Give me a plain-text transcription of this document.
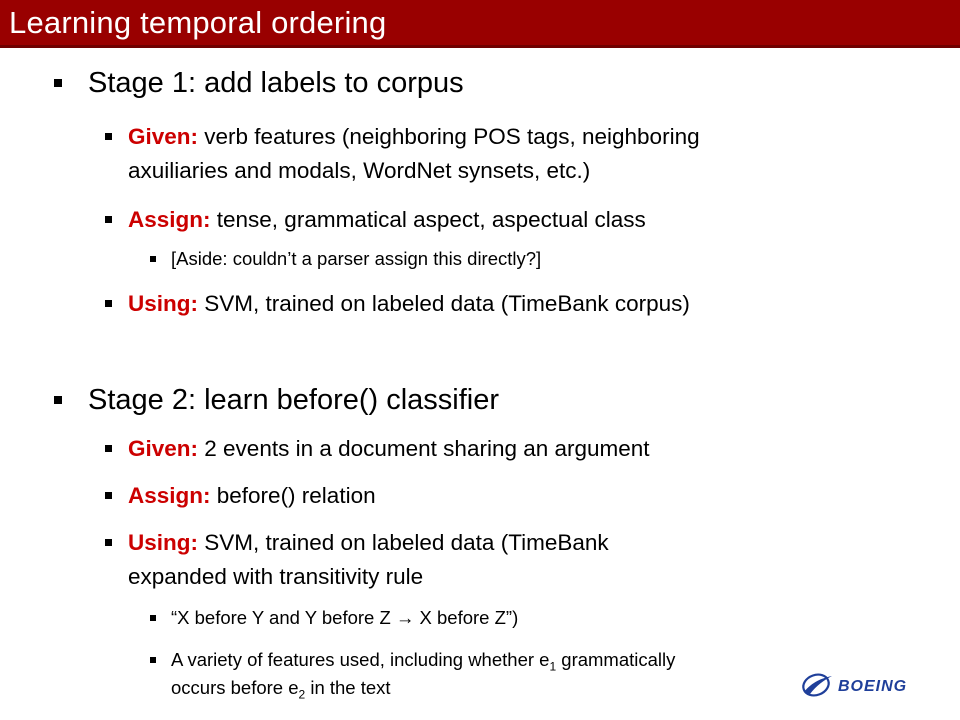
Learning temporal ordering
Stage 1: add labels to corpus
Given: verb features (neighboring POS tags, neighboring
axuiliaries and modals, WordNet synsets, etc.)
Assign: tense, grammatical aspect, aspectual class
[Aside: couldn’t a parser assign this directly?]
Using: SVM, trained on labeled data (TimeBank corpus)
Stage 2: learn before() classifier
Given: 2 events in a document sharing an argument
Assign: before() relation
Using: SVM, trained on labeled data (TimeBank
expanded with transitivity rule
“X before Y and Y before Z → X before Z”)
A variety of features used, including whether $e_1$ grammatically
occurs before $e_2$ in the text	BOEING
